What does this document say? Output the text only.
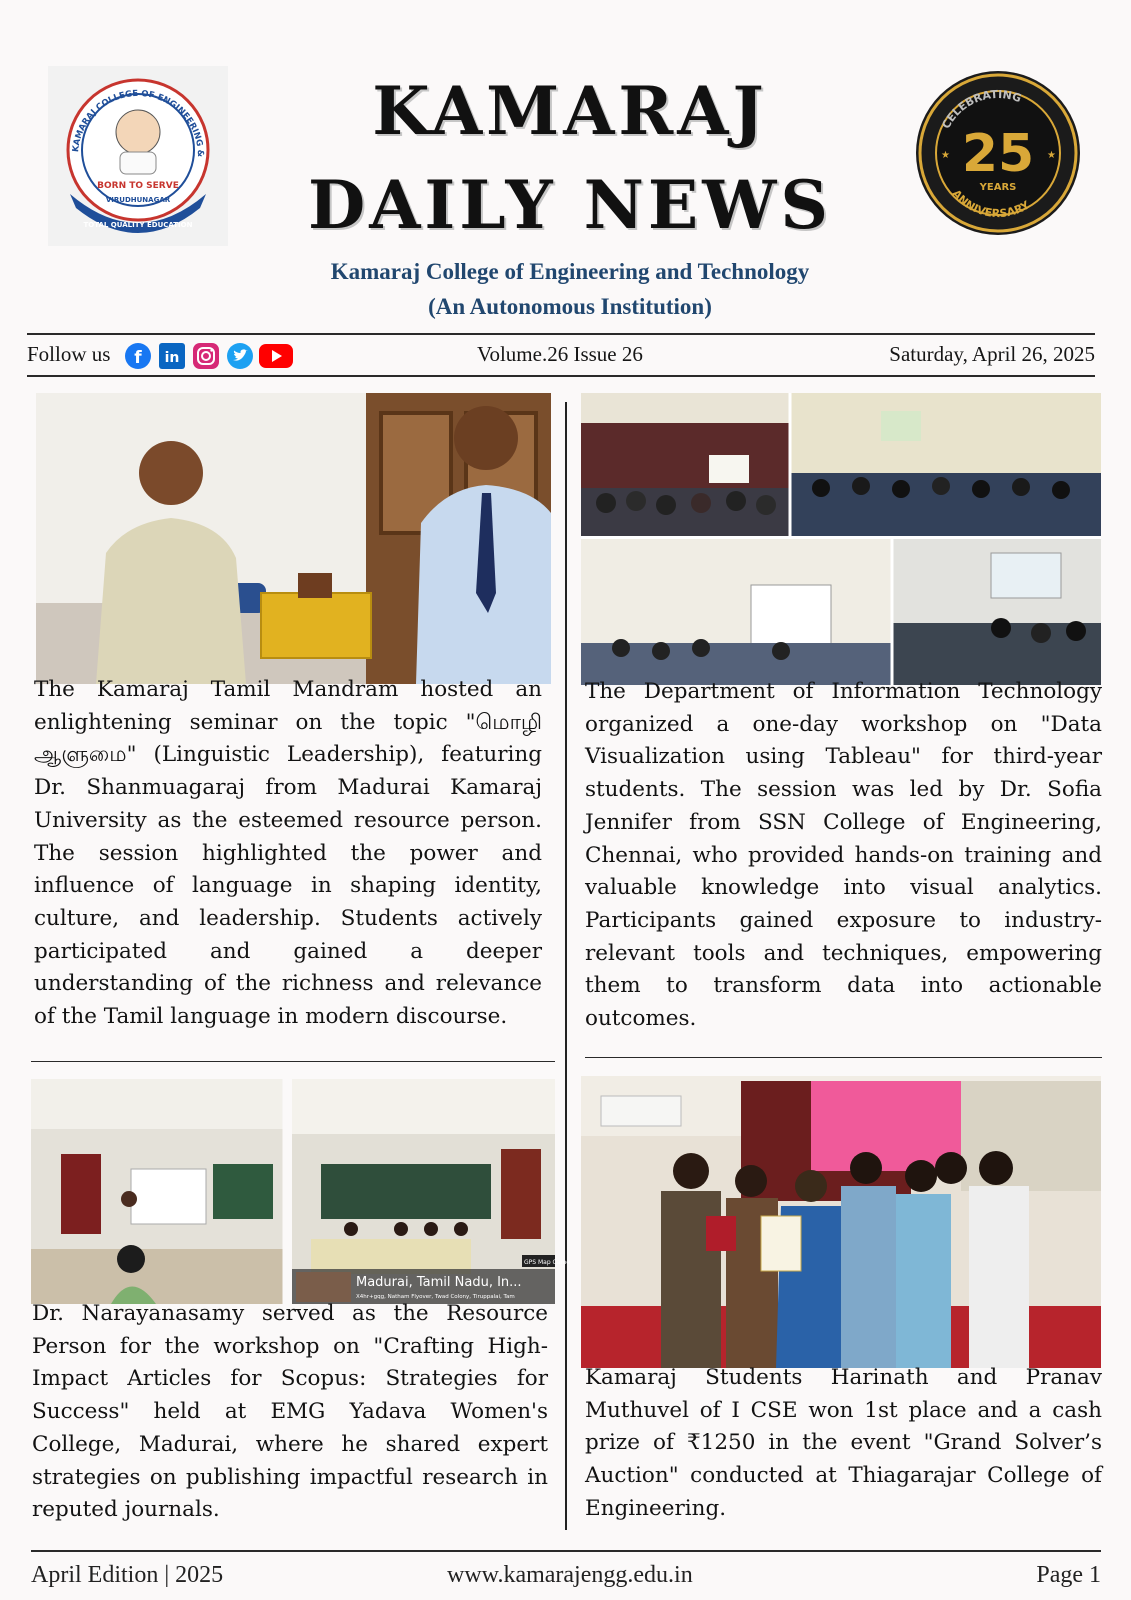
KAMARAJ COLLEGE OF ENGINEERING &
BORN TO SERVE
VIRUDHUNAGAR
TOTAL QUALITY EDUCATION
KAMARAJ
DAILY NEWS
CELEBRATING
25
YEARS
ANNIVERSARY
★	★
Kamaraj College of Engineering and Technology
(An Autonomous Institution)
Follow us f in	Volume.26 Issue 26	Saturday, April 26, 2025
The Kamaraj Tamil Mandram hosted an enlightening seminar on the topic "மொழி ஆளுமை" (Linguistic Leadership), featuring Dr. Shanmuagaraj from Madurai Kamaraj University as the esteemed resource person. The session highlighted the power and influence of language in shaping identity, culture, and leadership. Students actively participated and gained a deeper understanding of the richness and relevance of the Tamil language in modern discourse.
The Department of Information Technology organized a one-day workshop on "Data Visualization using Tableau" for third-year students. The session was led by Dr. Sofia Jennifer from SSN College of Engineering, Chennai, who provided hands-on training and valuable knowledge into visual analytics. Participants gained exposure to industry-relevant tools and techniques, empowering them to transform data into actionable outcomes.
GPS Map Came
Madurai, Tamil Nadu, In...
X4hr+gqg, Natham Flyover, Twad Colony, Tiruppalai, Tam
Dr. Narayanasamy served as the Resource Person for the workshop on "Crafting High-Impact Articles for Scopus: Strategies for Success" held at EMG Yadava Women's College, Madurai, where he shared expert strategies on publishing impactful research in reputed journals.
Kamaraj Students Harinath and Pranav Muthuvel of I CSE won 1st place and a cash prize of ₹1250 in the event "Grand Solver’s Auction" conducted at Thiagarajar College of Engineering.
April Edition | 2025	www.kamarajengg.edu.in	Page 1
